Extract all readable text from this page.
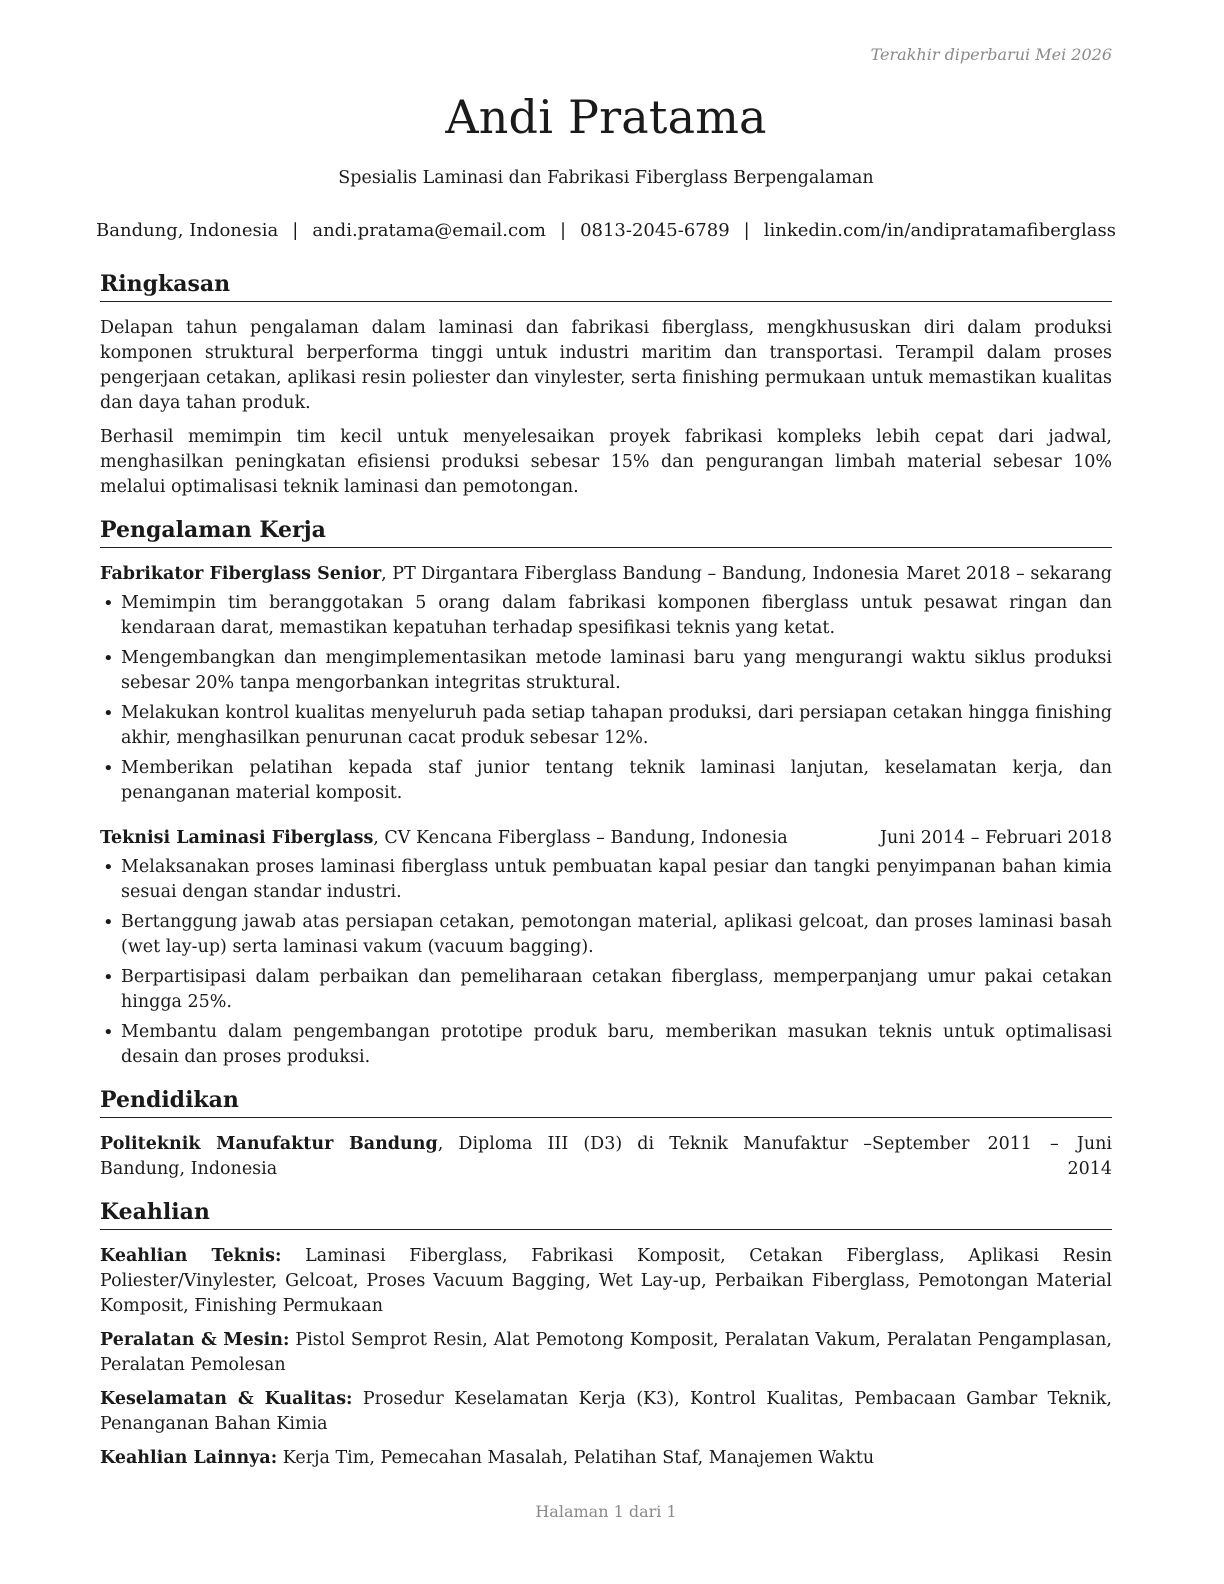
Terakhir diperbarui Mei 2026
Andi Pratama
Spesialis Laminasi dan Fabrikasi Fiberglass Berpengalaman
Bandung, Indonesia | andi.pratama@email.com | 0813-2045-6789 | linkedin.com/in/andipratamafiberglass
Ringkasan

Delapan tahun pengalaman dalam laminasi dan fabrikasi fiberglass, mengkhususkan diri dalam produksi komponen struktural berperforma tinggi untuk industri maritim dan transportasi. Terampil dalam proses pengerjaan cetakan, aplikasi resin poliester dan vinylester, serta finishing permukaan untuk memastikan kualitas dan daya tahan produk.

Berhasil memimpin tim kecil untuk menyelesaikan proyek fabrikasi kompleks lebih cepat dari jadwal, menghasilkan peningkatan efisiensi produksi sebesar 15% dan pengurangan limbah material sebesar 10% melalui optimalisasi teknik laminasi dan pemotongan.

Pengalaman Kerja
Fabrikator Fiberglass Senior, PT Dirgantara Fiberglass Bandung – Bandung, Indonesia Maret 2018 – sekarang
• Memimpin tim beranggotakan 5 orang dalam fabrikasi komponen fiberglass untuk pesawat ringan dan kendaraan darat, memastikan kepatuhan terhadap spesifikasi teknis yang ketat.
• Mengembangkan dan mengimplementasikan metode laminasi baru yang mengurangi waktu siklus produksi sebesar 20% tanpa mengorbankan integritas struktural.
• Melakukan kontrol kualitas menyeluruh pada setiap tahapan produksi, dari persiapan cetakan hingga finishing akhir, menghasilkan penurunan cacat produk sebesar 12%.
• Memberikan pelatihan kepada staf junior tentang teknik laminasi lanjutan, keselamatan kerja, dan penanganan material komposit.
Teknisi Laminasi Fiberglass, CV Kencana Fiberglass – Bandung, Indonesia	Juni 2014 – Februari 2018
• Melaksanakan proses laminasi fiberglass untuk pembuatan kapal pesiar dan tangki penyimpanan bahan kimia sesuai dengan standar industri.
• Bertanggung jawab atas persiapan cetakan, pemotongan material, aplikasi gelcoat, dan proses laminasi basah (wet lay-up) serta laminasi vakum (vacuum bagging).
• Berpartisipasi dalam perbaikan dan pemeliharaan cetakan fiberglass, memperpanjang umur pakai cetakan hingga 25%.
• Membantu dalam pengembangan prototipe produk baru, memberikan masukan teknis untuk optimalisasi desain dan proses produksi.
Pendidikan
Politeknik Manufaktur Bandung, Diploma III (D3) di Teknik Manufaktur – Bandung, Indonesia
September 2011 – Juni
2014
Keahlian
Keahlian Teknis: Laminasi Fiberglass, Fabrikasi Komposit, Cetakan Fiberglass, Aplikasi Resin Poliester/Vinylester, Gelcoat, Proses Vacuum Bagging, Wet Lay-up, Perbaikan Fiberglass, Pemotongan Material Komposit, Finishing Permukaan
Peralatan & Mesin: Pistol Semprot Resin, Alat Pemotong Komposit, Peralatan Vakum, Peralatan Pengamplasan, Peralatan Pemolesan
Keselamatan & Kualitas: Prosedur Keselamatan Kerja (K3), Kontrol Kualitas, Pembacaan Gambar Teknik, Penanganan Bahan Kimia
Keahlian Lainnya: Kerja Tim, Pemecahan Masalah, Pelatihan Staf, Manajemen Waktu
Halaman 1 dari 1
